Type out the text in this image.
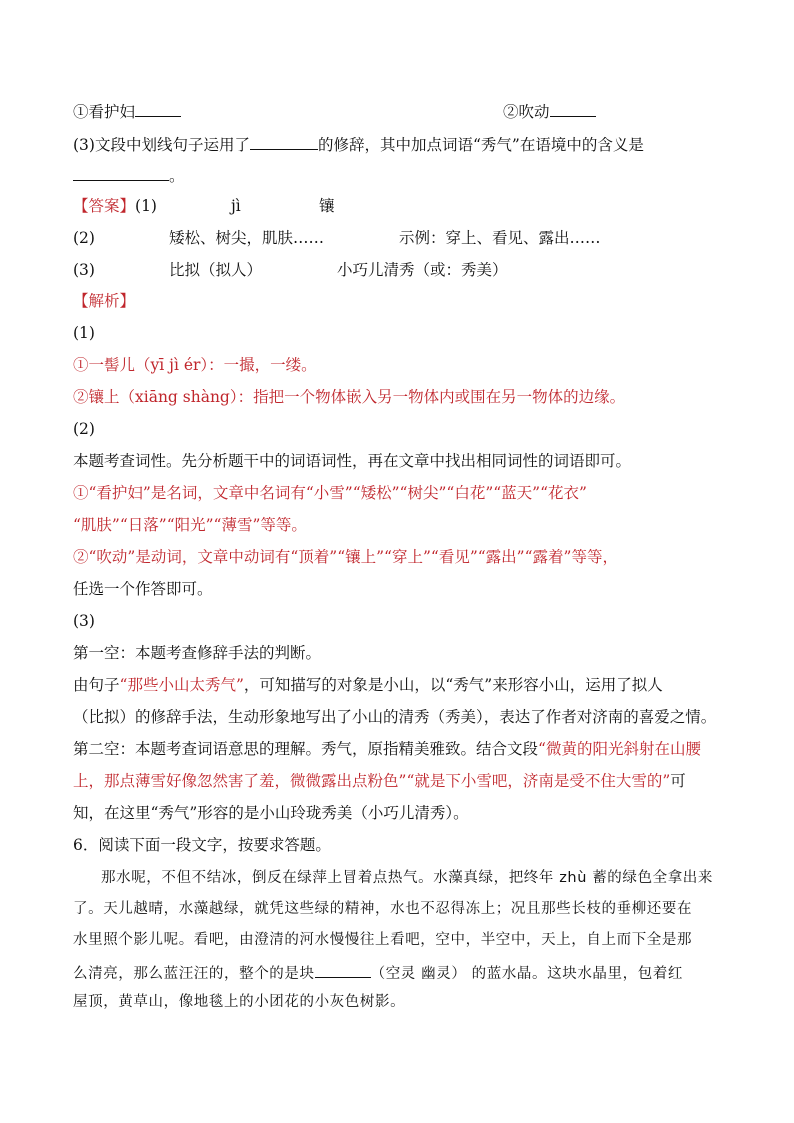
①看护妇	②吹动
(3)文段中划线句子运用了	的修辞，其中加点词语“秀气”在语境中的含义是
。
【答案】(1)	jì	镶
(2)	矮松、树尖，肌肤……	示例：穿上、看见、露出……
(3)	比拟（拟人）	小巧儿清秀（或：秀美）
【解析】
(1)
①一髻儿（yī jì ér）：一撮，一缕。
②镶上（xiāng shàng）：指把一个物体嵌入另一物体内或围在另一物体的边缘。
(2)
本题考查词性。先分析题干中的词语词性，再在文章中找出相同词性的词语即可。
①“看护妇”是名词，文章中名词有“小雪”“矮松”“树尖”“白花”“蓝天”“花衣”
“肌肤”“日落”“阳光”“薄雪”等等。
②“吹动”是动词，文章中动词有“顶着”“镶上”“穿上”“看见”“露出”“露着”等等，
任选一个作答即可。
(3)
第一空：本题考查修辞手法的判断。
由句子“那些小山太秀气”，可知描写的对象是小山，以“秀气”来形容小山，运用了拟人
（比拟）的修辞手法，生动形象地写出了小山的清秀（秀美），表达了作者对济南的喜爱之情。
第二空：本题考查词语意思的理解。秀气，原指精美雅致。结合文段“微黄的阳光斜射在山腰
上，那点薄雪好像忽然害了羞，微微露出点粉色”“就是下小雪吧，济南是受不住大雪的”可
知，在这里“秀气”形容的是小山玲珑秀美（小巧儿清秀）。
6．阅读下面一段文字，按要求答题。
那水呢，不但不结冰，倒反在绿萍上冒着点热气。水藻真绿，把终年 zhù 蓄的绿色全拿出来
了。天儿越晴，水藻越绿，就凭这些绿的精神，水也不忍得冻上；况且那些长枝的垂柳还要在
水里照个影儿呢。看吧，由澄清的河水慢慢往上看吧，空中，半空中，天上，自上而下全是那
么清亮，那么蓝汪汪的，整个的是块	（空灵 幽灵） 的蓝水晶。这块水晶里，包着红
屋顶，黄草山，像地毯上的小团花的小灰色树影。
